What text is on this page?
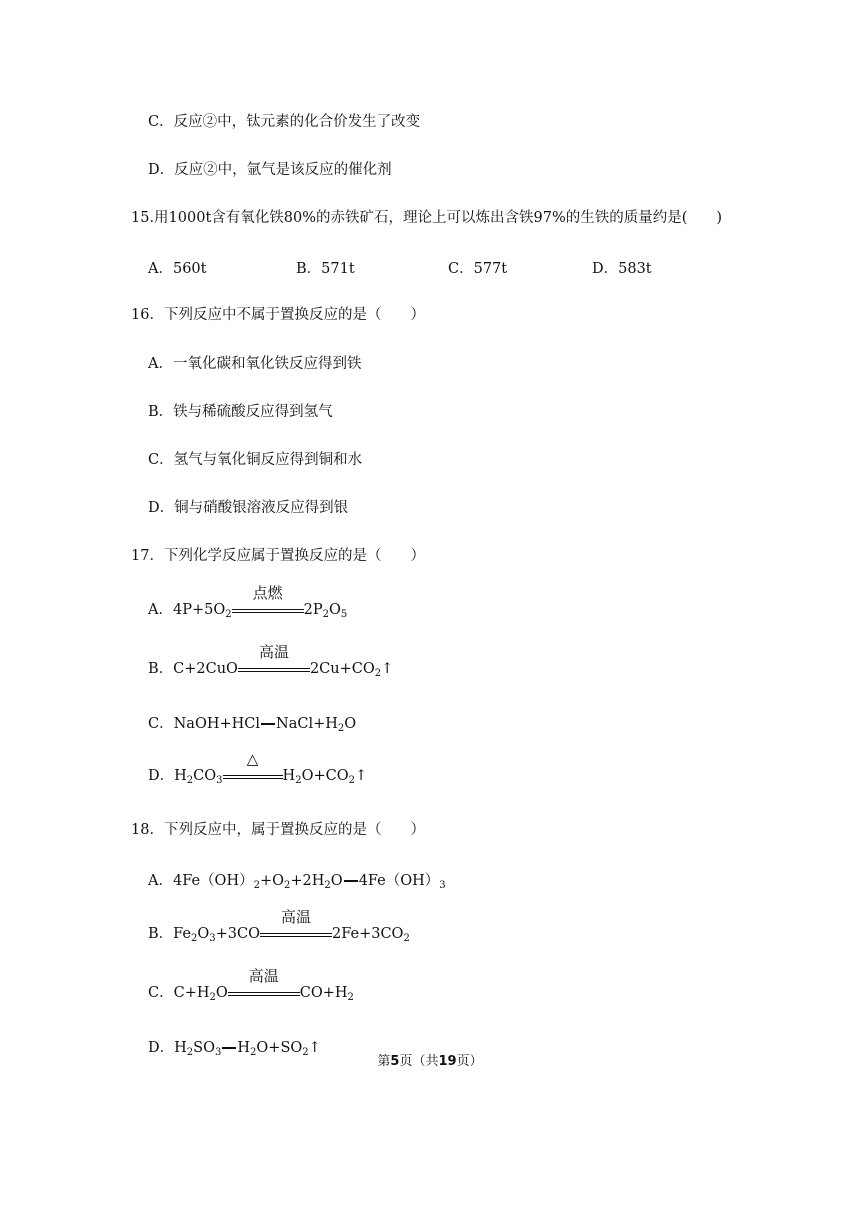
C．反应②中，钛元素的化合价发生了改变
D．反应②中，氩气是该反应的催化剂
15.用1000t含有氧化铁80%的赤铁矿石，理论上可以炼出含铁97%的生铁的质量约是(　　)
A．560t	B．571t	C．577t	D．583t
16．下列反应中不属于置换反应的是（　　）
A．一氧化碳和氧化铁反应得到铁
B．铁与稀硫酸反应得到氢气
C．氢气与氧化铜反应得到铜和水
D．铜与硝酸银溶液反应得到银
17．下列化学反应属于置换反应的是（　　）
A．$4P+5O_2$
点燃
$2P_2O_5$
B．C+2CuO
高温
$2Cu+CO_2↑$
C．NaOH+HCl $NaCl+H_2O$
D．$H_2CO_3$
△
$H_2O+CO_2↑$
18．下列反应中，属于置换反应的是（　　）
A．$4Fe(OH)_2+O_2+2H_2O$ $4Fe(OH)_3$
B．$Fe_2O_3+3CO$
高温
$2Fe+3CO_2$
C．$C+H_2O$
高温
$CO+H_2$
D．$H_2SO_3$ $H_2O+SO_2↑$
第5页（共19页）
